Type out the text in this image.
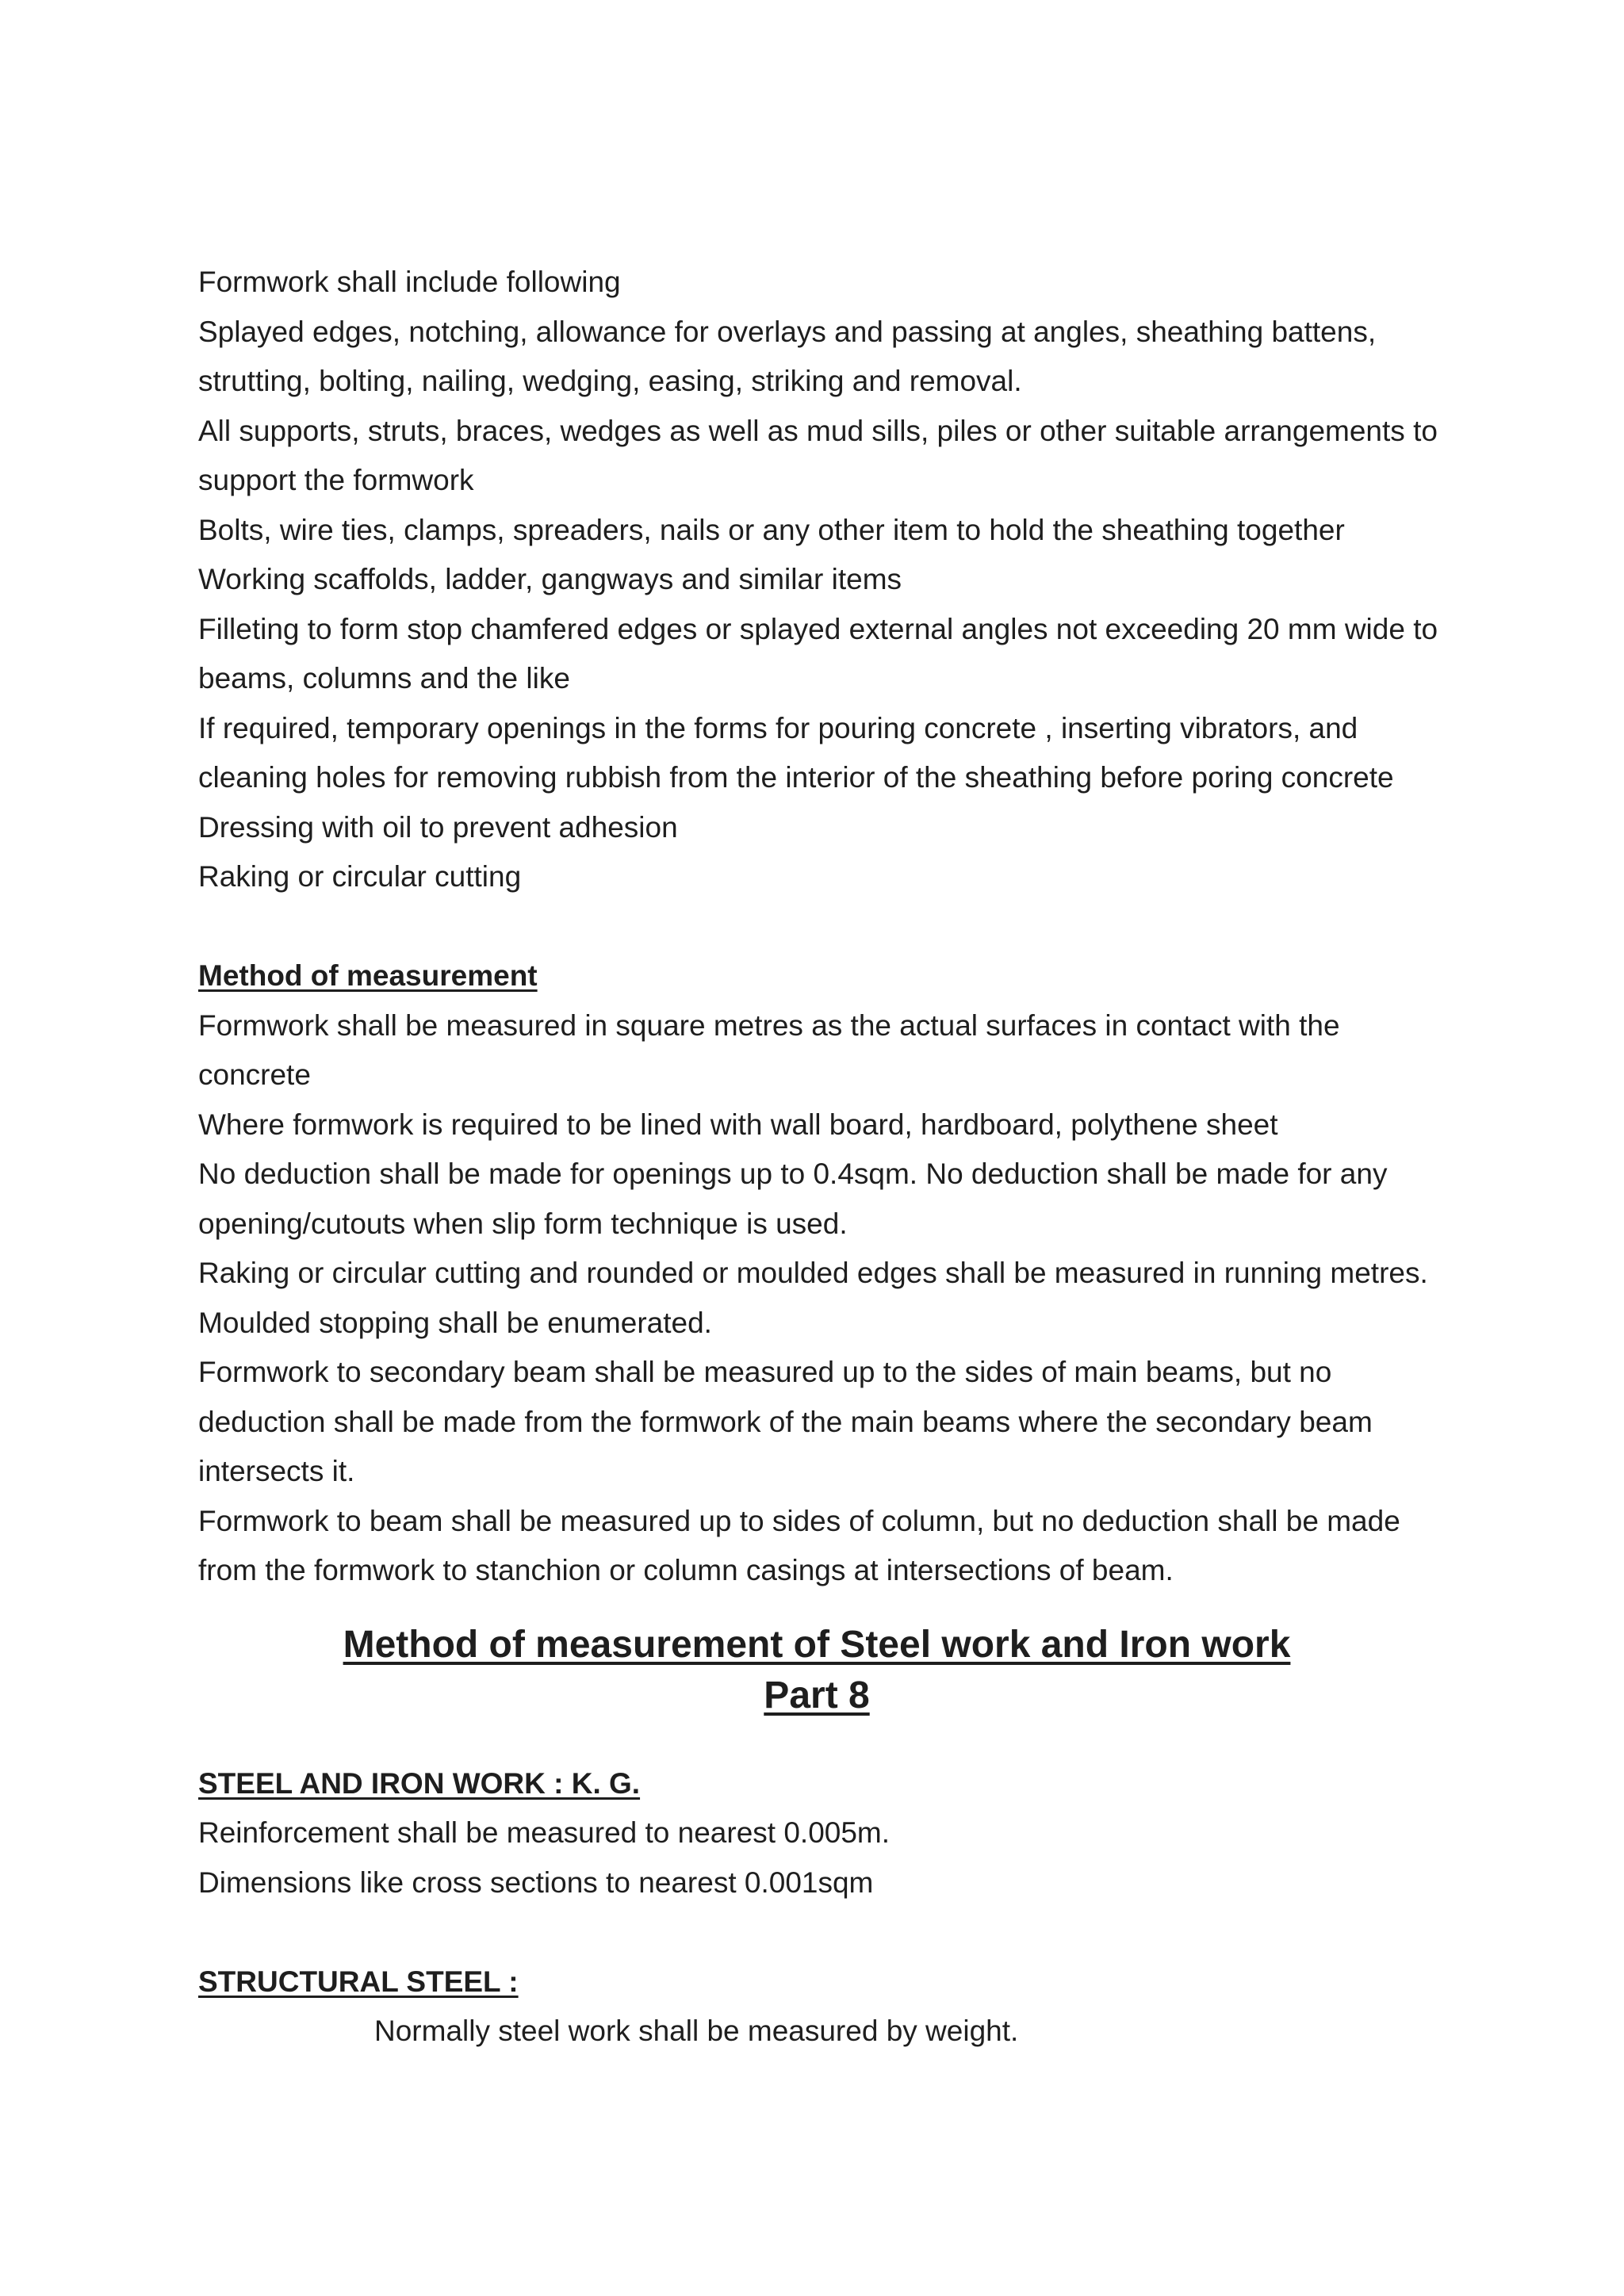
Formwork shall include following

Splayed edges, notching, allowance for overlays and passing at angles, sheathing battens,

strutting, bolting, nailing, wedging, easing, striking and removal.

All supports, struts, braces, wedges as well as mud sills, piles or other suitable arrangements to

support the formwork

Bolts, wire ties, clamps, spreaders, nails or any other item to hold the sheathing together

Working scaffolds, ladder, gangways and similar items

Filleting to form stop chamfered edges or splayed external angles not exceeding 20 mm wide to

beams, columns and the like

If required, temporary openings in the forms for pouring concrete , inserting vibrators, and

cleaning holes for removing rubbish from the interior of the sheathing before poring concrete

Dressing with oil to prevent adhesion

Raking or circular cutting

Method of measurement

Formwork shall be measured in square metres as the actual surfaces in contact with the

concrete

Where formwork is required to be lined with wall board, hardboard, polythene sheet

No deduction shall be made for openings up to 0.4sqm. No deduction shall be made for any

opening/cutouts when slip form technique is used.

Raking or circular cutting and rounded or moulded edges shall be measured in running metres.

Moulded stopping shall be enumerated.

Formwork to secondary beam shall be measured up to the sides of main beams, but no

deduction shall be made from the formwork of the main beams where the secondary beam

intersects it.

Formwork to beam shall be measured up to sides of column, but no deduction shall be made

from the formwork to stanchion or column casings at intersections of beam.

Method of measurement of Steel work and Iron work
Part 8

STEEL AND IRON WORK : K. G.

Reinforcement shall be measured to nearest 0.005m.

Dimensions like cross sections to nearest 0.001sqm

STRUCTURAL STEEL :

Normally steel work shall be measured by weight.
